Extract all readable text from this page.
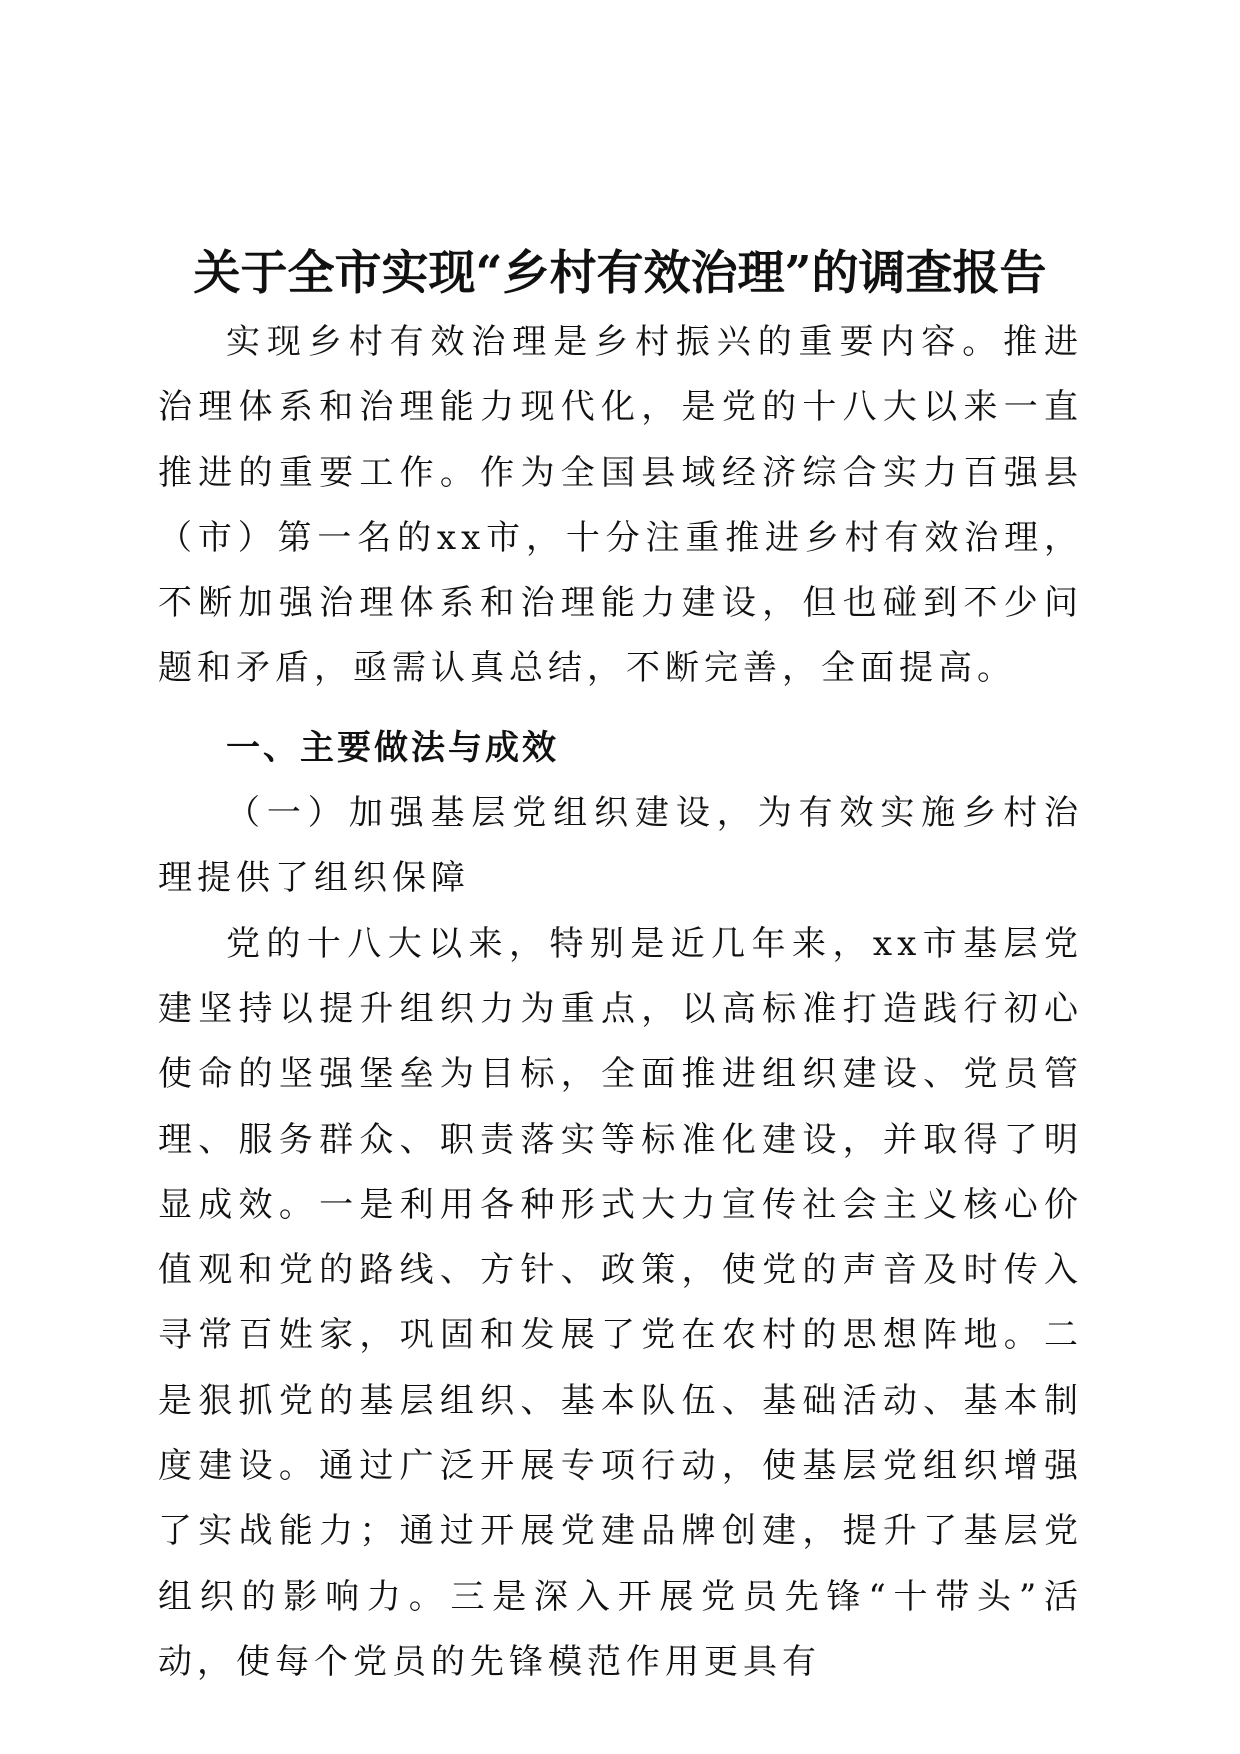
关于全市实现“乡村有效治理”的调查报告

实现乡村有效治理是乡村振兴的重要内容。推进治理体系和治理能力现代化，是党的十八大以来一直推进的重要工作。作为全国县域经济综合实力百强县（市）第一名的xx市，十分注重推进乡村有效治理，不断加强治理体系和治理能力建设，但也碰到不少问题和矛盾，亟需认真总结，不断完善，全面提高。

一、主要做法与成效

（一）加强基层党组织建设，为有效实施乡村治理提供了组织保障

党的十八大以来，特别是近几年来，xx市基层党建坚持以提升组织力为重点，以高标准打造践行初心使命的坚强堡垒为目标，全面推进组织建设、党员管理、服务群众、职责落实等标准化建设，并取得了明显成效。一是利用各种形式大力宣传社会主义核心价值观和党的路线、方针、政策，使党的声音及时传入寻常百姓家，巩固和发展了党在农村的思想阵地。二是狠抓党的基层组织、基本队伍、基础活动、基本制度建设。通过广泛开展专项行动，使基层党组织增强了实战能力；通过开展党建品牌创建，提升了基层党组织的影响力。三是深入开展党员先锋“十带头”活动，使每个党员的先锋模范作用更具有
